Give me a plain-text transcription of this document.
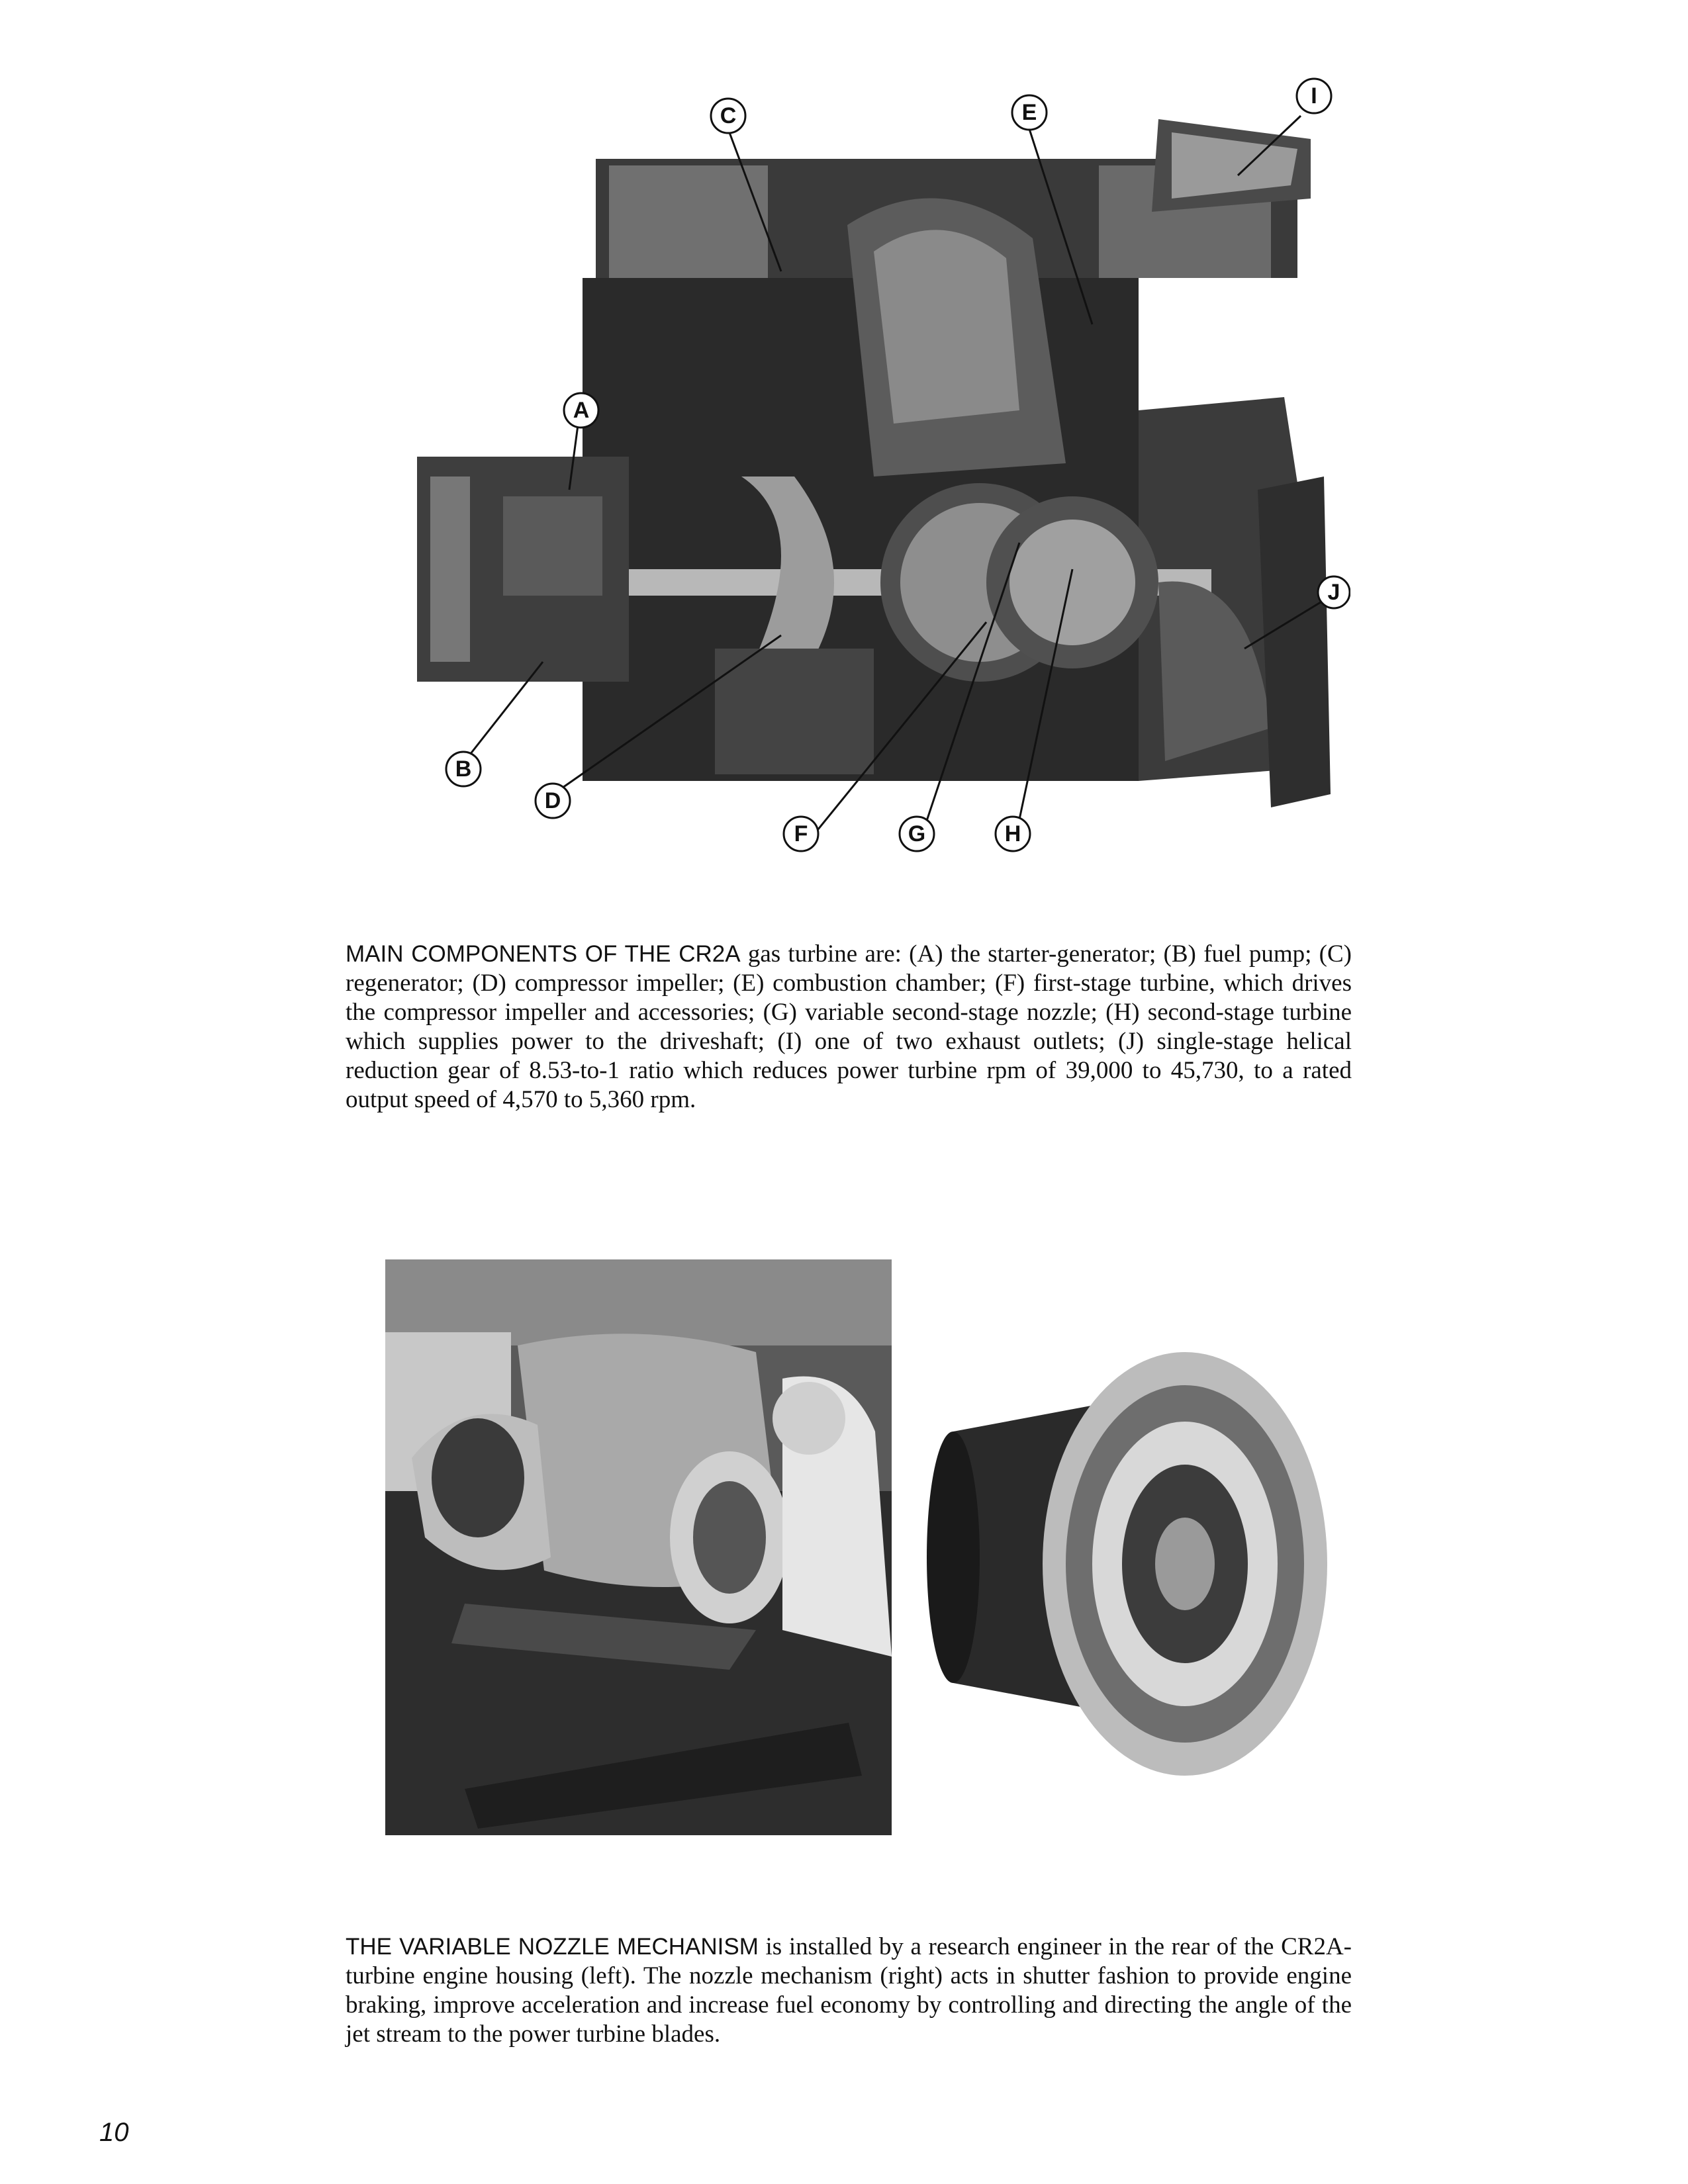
C	E
I
A
J
B
D
F	G	H

MAIN COMPONENTS OF THE CR2A gas turbine are: (A) the starter-generator; (B) fuel pump; (C) regenerator; (D) compressor impeller; (E) combustion chamber; (F) first-stage turbine, which drives the compressor impeller and accessories; (G) variable second-stage nozzle; (H) second-stage turbine which supplies power to the driveshaft; (I) one of two exhaust outlets; (J) single-stage helical reduction gear of 8.53-to-1 ratio which reduces power turbine rpm of 39,000 to 45,730, to a rated output speed of 4,570 to 5,360 rpm.

THE VARIABLE NOZZLE MECHANISM is installed by a research engineer in the rear of the CR2A-turbine engine housing (left). The nozzle mechanism (right) acts in shutter fashion to provide engine braking, improve acceleration and increase fuel economy by controlling and directing the angle of the jet stream to the power turbine blades.

10
